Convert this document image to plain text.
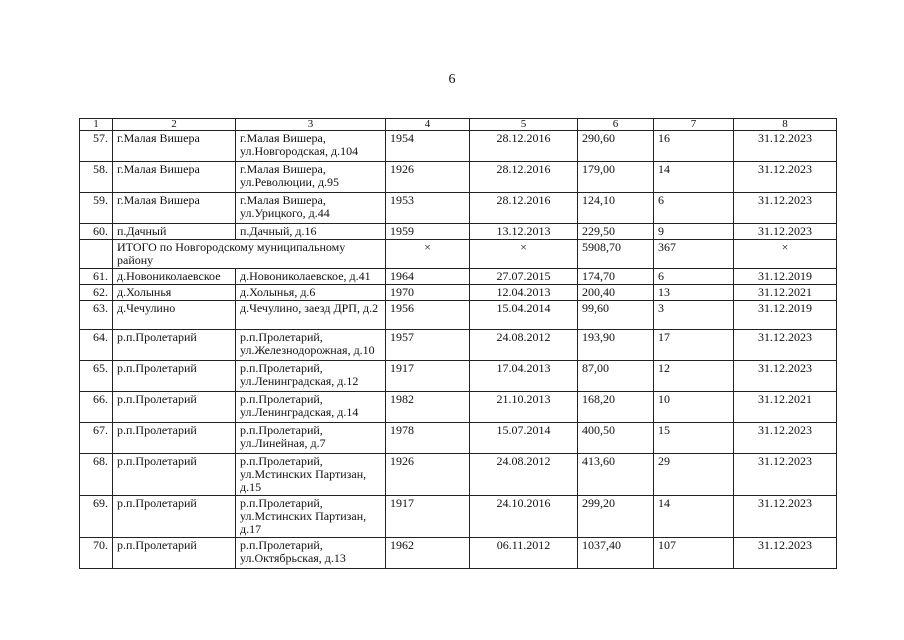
6
1	2	3	4	5	6	7	8
57.	г.Малая Вишера	г.Малая Вишера, ул.Новгородская, д.104	1954	28.12.2016	290,60	16	31.12.2023
58.	г.Малая Вишера	г.Малая Вишера, ул.Революции, д.95	1926	28.12.2016	179,00	14	31.12.2023
59.	г.Малая Вишера	г.Малая Вишера, ул.Урицкого, д.44	1953	28.12.2016	124,10	6	31.12.2023
60.	п.Дачный	п.Дачный, д.16	1959	13.12.2013	229,50	9	31.12.2023
	ИТОГО по Новгородскому муниципальному району		×	×	5908,70	367	×
61.	д.Новониколаевское	д.Новониколаевское, д.41	1964	27.07.2015	174,70	6	31.12.2019
62.	д.Холынья	д.Холынья, д.6	1970	12.04.2013	200,40	13	31.12.2021
63.	д.Чечулино	д.Чечулино, заезд ДРП, д.2	1956	15.04.2014	99,60	3	31.12.2019
64.	р.п.Пролетарий	р.п.Пролетарий, ул.Железнодорожная, д.10	1957	24.08.2012	193,90	17	31.12.2023
65.	р.п.Пролетарий	р.п.Пролетарий, ул.Ленинградская, д.12	1917	17.04.2013	87,00	12	31.12.2023
66.	р.п.Пролетарий	р.п.Пролетарий, ул.Ленинградская, д.14	1982	21.10.2013	168,20	10	31.12.2021
67.	р.п.Пролетарий	р.п.Пролетарий, ул.Линейная, д.7	1978	15.07.2014	400,50	15	31.12.2023
68.	р.п.Пролетарий	р.п.Пролетарий, ул.Мстинских Партизан, д.15	1926	24.08.2012	413,60	29	31.12.2023
69.	р.п.Пролетарий	р.п.Пролетарий, ул.Мстинских Партизан, д.17	1917	24.10.2016	299,20	14	31.12.2023
70.	р.п.Пролетарий	р.п.Пролетарий, ул.Октябрьская, д.13	1962	06.11.2012	1037,40	107	31.12.2023
